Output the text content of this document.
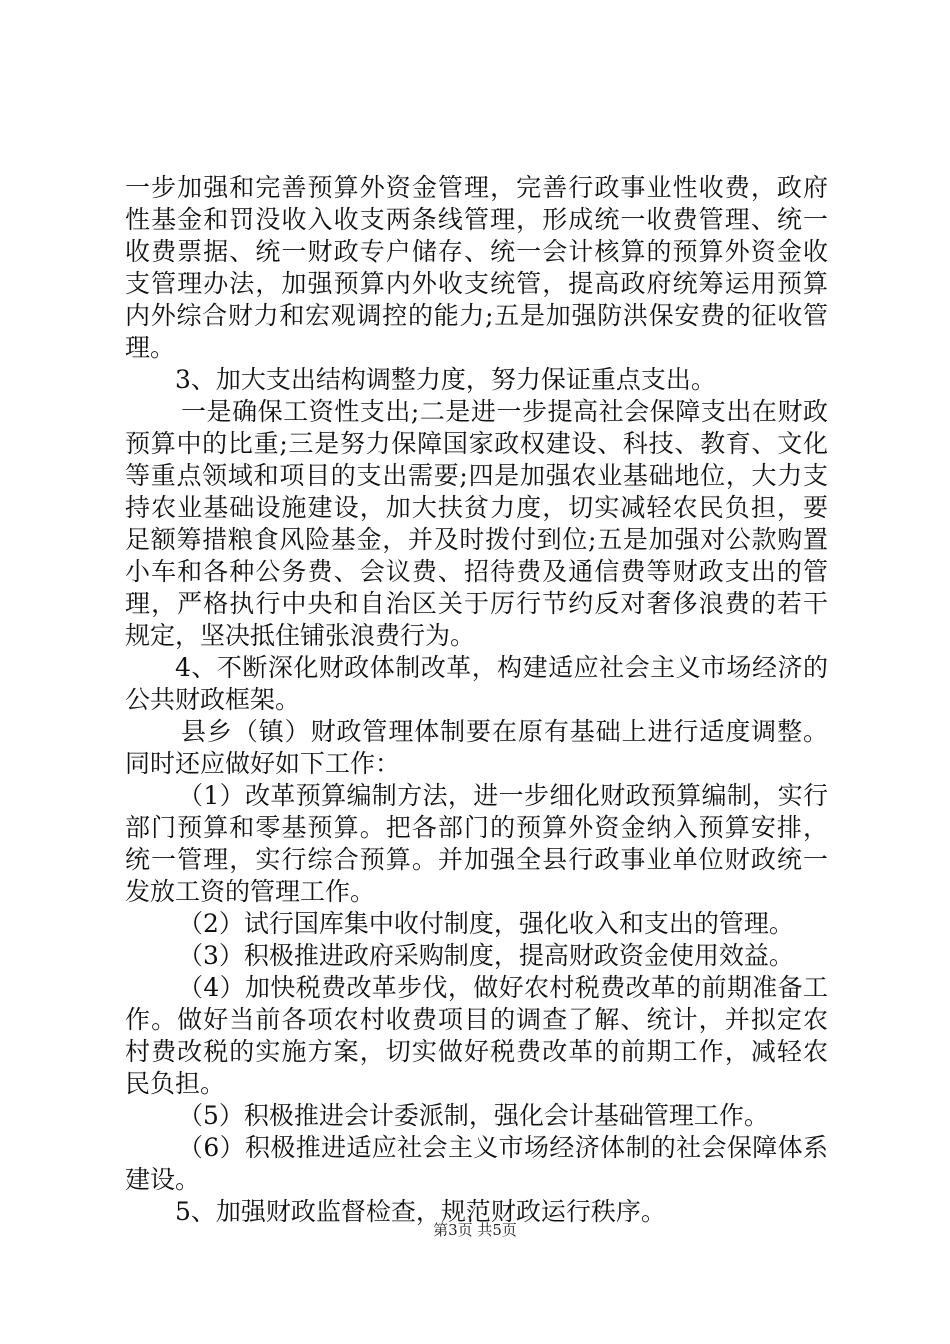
一步加强和完善预算外资金管理，完善行政事业性收费，政府

性基金和罚没收入收支两条线管理，形成统一收费管理、统一

收费票据、统一财政专户储存、统一会计核算的预算外资金收

支管理办法，加强预算内外收支统管，提高政府统筹运用预算

内外综合财力和宏观调控的能力;五是加强防洪保安费的征收管

理。

3、加大支出结构调整力度，努力保证重点支出。

一是确保工资性支出;二是进一步提高社会保障支出在财政

预算中的比重;三是努力保障国家政权建设、科技、教育、文化

等重点领域和项目的支出需要;四是加强农业基础地位，大力支

持农业基础设施建设，加大扶贫力度，切实减轻农民负担，要

足额筹措粮食风险基金，并及时拨付到位;五是加强对公款购置

小车和各种公务费、会议费、招待费及通信费等财政支出的管

理，严格执行中央和自治区关于厉行节约反对奢侈浪费的若干

规定，坚决抵住铺张浪费行为。

4、不断深化财政体制改革，构建适应社会主义市场经济的

公共财政框架。

县乡（镇）财政管理体制要在原有基础上进行适度调整。

同时还应做好如下工作：

（1）改革预算编制方法，进一步细化财政预算编制，实行

部门预算和零基预算。把各部门的预算外资金纳入预算安排，

统一管理，实行综合预算。并加强全县行政事业单位财政统一

发放工资的管理工作。

（2）试行国库集中收付制度，强化收入和支出的管理。

（3）积极推进政府采购制度，提高财政资金使用效益。

（4）加快税费改革步伐，做好农村税费改革的前期准备工

作。做好当前各项农村收费项目的调查了解、统计，并拟定农

村费改税的实施方案，切实做好税费改革的前期工作，减轻农

民负担。

（5）积极推进会计委派制，强化会计基础管理工作。

（6）积极推进适应社会主义市场经济体制的社会保障体系

建设。

5、加强财政监督检查，规范财政运行秩序。

第3页 共5页
